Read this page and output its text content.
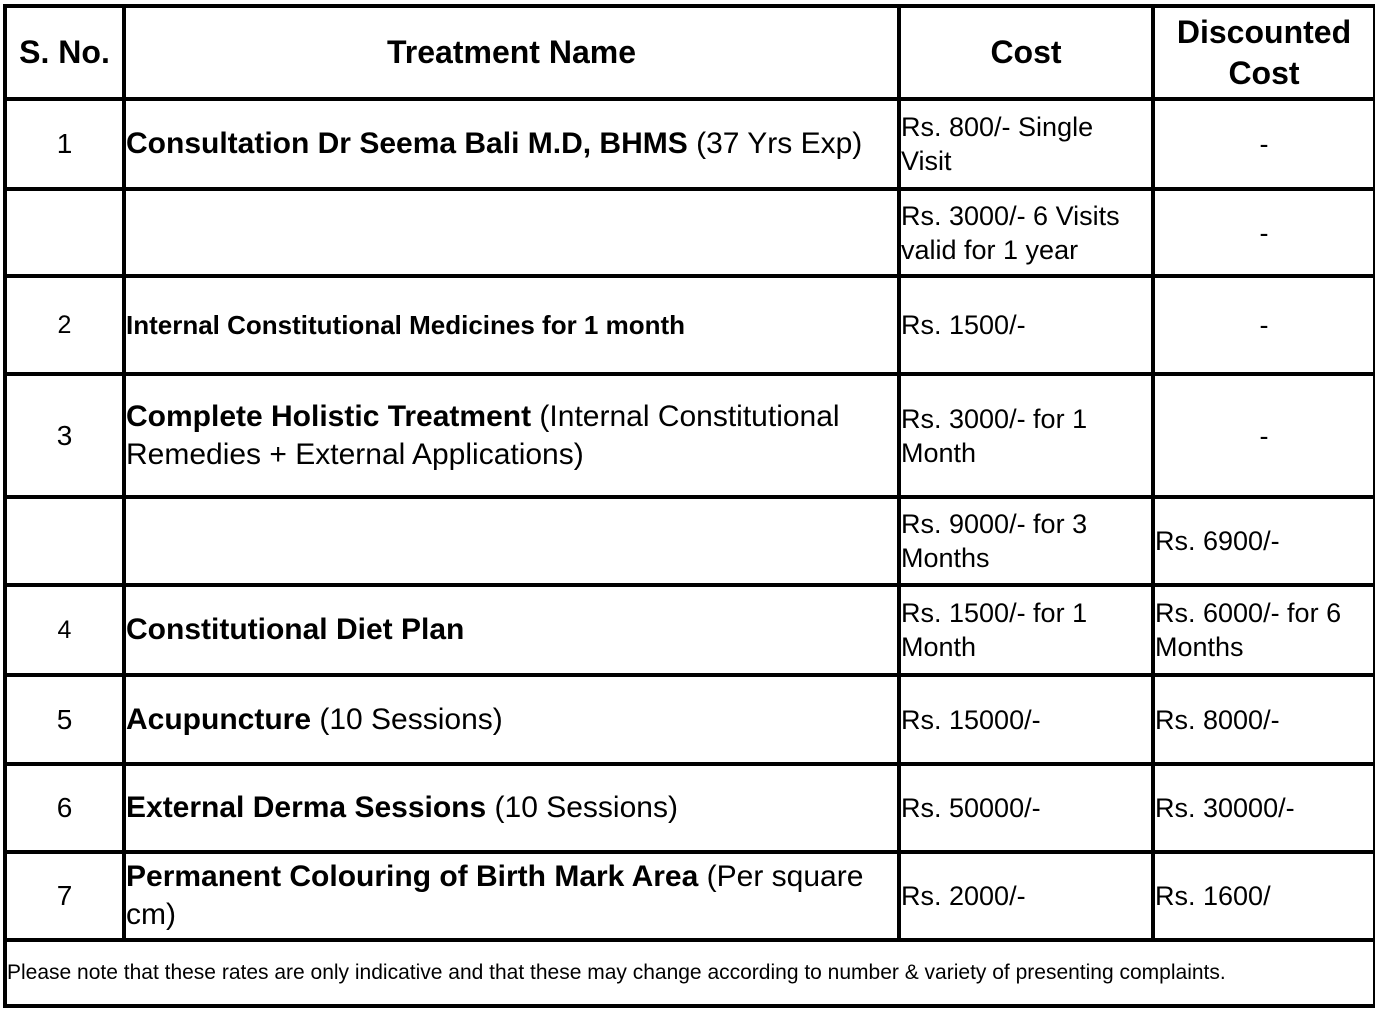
S. No.	Treatment Name	Cost	Discounted
Cost
1	Consultation Dr Seema Bali M.D, BHMS (37 Yrs Exp)	Rs. 800/- Single Visit	-
		Rs. 3000/- 6 Visits valid for 1 year	-
2	Internal Constitutional Medicines for 1 month	Rs. 1500/-	-
3	Complete Holistic Treatment (Internal Constitutional Remedies + External Applications)	Rs. 3000/- for 1 Month	-
		Rs. 9000/- for 3 Months	Rs. 6900/-
4	Constitutional Diet Plan	Rs. 1500/- for 1 Month	Rs. 6000/- for 6 Months
5	Acupuncture (10 Sessions)	Rs. 15000/-	Rs. 8000/-
6	External Derma Sessions (10 Sessions)	Rs. 50000/-	Rs. 30000/-
7	Permanent Colouring of Birth Mark Area (Per square cm)	Rs. 2000/-	Rs. 1600/
Please note that these rates are only indicative and that these may change according to number & variety of presenting complaints.			
